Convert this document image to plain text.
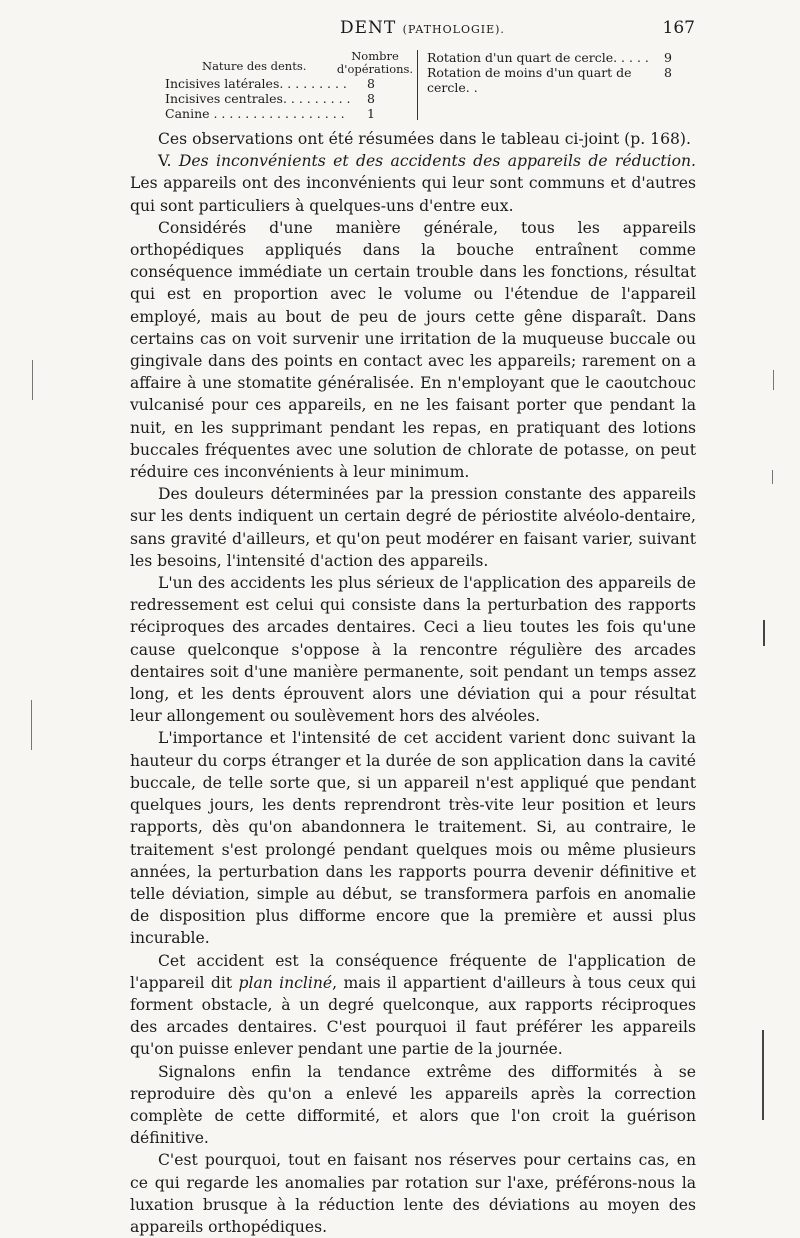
DENT (PATHOLOGIE).	167
Nature des dents.
Nombre d'opérations.
Incisives latérales. . . . . . . . . 8
Incisives centrales. . . . . . . . . 8
Canine . . . . . . . . . . . . . . . . . 1
Rotation d'un quart de cercle. . . . . 9
Rotation de moins d'un quart de cercle. .
8

Ces observations ont été résumées dans le tableau ci-joint (p. 168).

V. Des inconvénients et des accidents des appareils de réduction. Les appareils ont des inconvénients qui leur sont communs et d'autres qui sont particuliers à quelques-uns d'entre eux.

Considérés d'une manière générale, tous les appareils orthopédiques appliqués dans la bouche entraînent comme conséquence immédiate un certain trouble dans les fonctions, résultat qui est en proportion avec le volume ou l'étendue de l'appareil employé, mais au bout de peu de jours cette gêne disparaît. Dans certains cas on voit survenir une irritation de la muqueuse buccale ou gingivale dans des points en contact avec les appareils; rarement on a affaire à une stomatite généralisée. En n'employant que le caoutchouc vulcanisé pour ces appareils, en ne les faisant porter que pendant la nuit, en les supprimant pendant les repas, en pratiquant des lotions buccales fréquentes avec une solution de chlorate de potasse, on peut réduire ces inconvénients à leur minimum.

Des douleurs déterminées par la pression constante des appareils sur les dents indiquent un certain degré de périostite alvéolo-dentaire, sans gravité d'ailleurs, et qu'on peut modérer en faisant varier, suivant les besoins, l'intensité d'action des appareils.

L'un des accidents les plus sérieux de l'application des appareils de redressement est celui qui consiste dans la perturbation des rapports réciproques des arcades dentaires. Ceci a lieu toutes les fois qu'une cause quelconque s'oppose à la rencontre régulière des arcades dentaires soit d'une manière permanente, soit pendant un temps assez long, et les dents éprouvent alors une déviation qui a pour résultat leur allongement ou soulèvement hors des alvéoles.

L'importance et l'intensité de cet accident varient donc suivant la hauteur du corps étranger et la durée de son application dans la cavité buccale, de telle sorte que, si un appareil n'est appliqué que pendant quelques jours, les dents reprendront très-vite leur position et leurs rapports, dès qu'on abandonnera le traitement. Si, au contraire, le traitement s'est prolongé pendant quelques mois ou même plusieurs années, la perturbation dans les rapports pourra devenir définitive et telle déviation, simple au début, se transformera parfois en anomalie de disposition plus difforme encore que la première et aussi plus incurable.

Cet accident est la conséquence fréquente de l'application de l'appareil dit plan incliné, mais il appartient d'ailleurs à tous ceux qui forment obstacle, à un degré quelconque, aux rapports réciproques des arcades dentaires. C'est pourquoi il faut préférer les appareils qu'on puisse enlever pendant une partie de la journée.

Signalons enfin la tendance extrême des difformités à se reproduire dès qu'on a enlevé les appareils après la correction complète de cette difformité, et alors que l'on croit la guérison définitive.

C'est pourquoi, tout en faisant nos réserves pour certains cas, en ce qui regarde les anomalies par rotation sur l'axe, préférons-nous la luxation brusque à la réduction lente des déviations au moyen des appareils orthopédiques.
